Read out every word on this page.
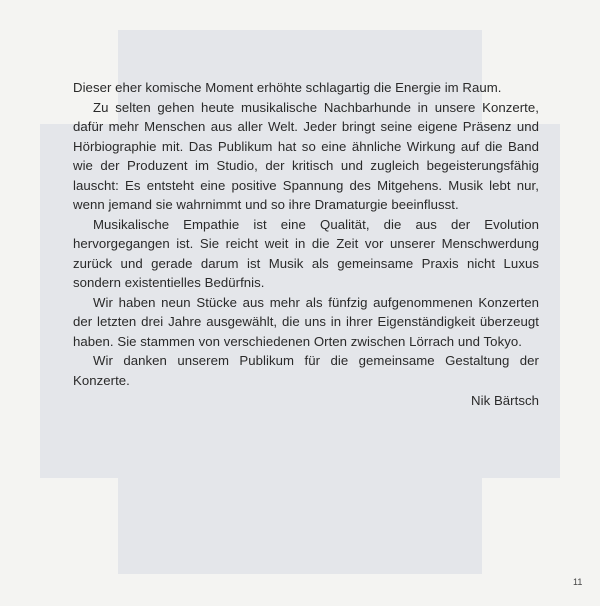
Dieser eher komische Moment erhöhte schlagartig die Energie im Raum.

Zu selten gehen heute musikalische Nachbarhunde in unsere Konzerte, dafür mehr Menschen aus aller Welt. Jeder bringt seine eigene Präsenz und Hörbiographie mit. Das Publikum hat so eine ähnliche Wirkung auf die Band wie der Produzent im Studio, der kritisch und zugleich begeisterungsfähig lauscht: Es entsteht eine positive Spannung des Mitgehens. Musik lebt nur, wenn jemand sie wahrnimmt und so ihre Dramaturgie beeinflusst.

Musikalische Empathie ist eine Qualität, die aus der Evolution hervorgegangen ist. Sie reicht weit in die Zeit vor unserer Menschwerdung zurück und gerade darum ist Musik als gemeinsame Praxis nicht Luxus sondern existentielles Bedürfnis.

Wir haben neun Stücke aus mehr als fünfzig aufgenommenen Konzerten der letzten drei Jahre ausgewählt, die uns in ihrer Eigenständigkeit überzeugt haben. Sie stammen von verschiedenen Orten zwischen Lörrach und Tokyo.

Wir danken unserem Publikum für die gemeinsame Gestaltung der Konzerte.

Nik Bärtsch

11
